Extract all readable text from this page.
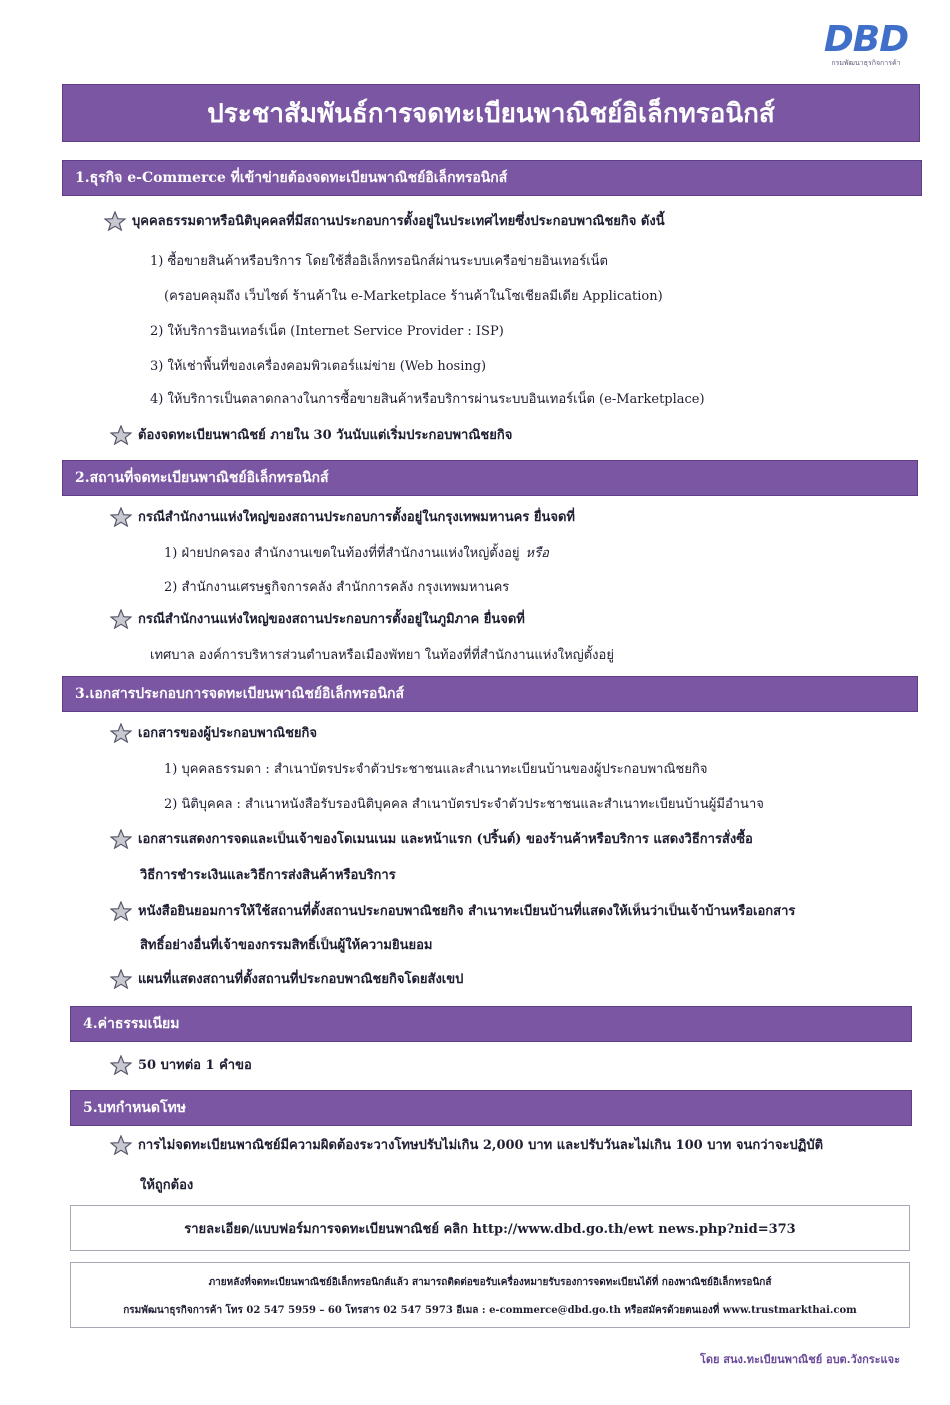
DBD
กรมพัฒนาธุรกิจการค้า
ประชาสัมพันธ์การจดทะเบียนพาณิชย์อิเล็กทรอนิกส์
1.ธุรกิจ e-Commerce ที่เข้าข่ายต้องจดทะเบียนพาณิชย์อิเล็กทรอนิกส์
บุคคลธรรมดาหรือนิติบุคคลที่มีสถานประกอบการตั้งอยู่ในประเทศไทยซึ่งประกอบพาณิชยกิจ ดังนี้
1) ซื้อขายสินค้าหรือบริการ โดยใช้สื่ออิเล็กทรอนิกส์ผ่านระบบเครือข่ายอินเทอร์เน็ต
(ครอบคลุมถึง เว็บไซต์ ร้านค้าใน e-Marketplace ร้านค้าในโซเชียลมีเดีย Application)
2) ให้บริการอินเทอร์เน็ต (Internet Service Provider : ISP)
3) ให้เช่าพื้นที่ของเครื่องคอมพิวเตอร์แม่ข่าย (Web hosing)
4) ให้บริการเป็นตลาดกลางในการซื้อขายสินค้าหรือบริการผ่านระบบอินเทอร์เน็ต (e-Marketplace)
ต้องจดทะเบียนพาณิชย์ ภายใน 30 วันนับแต่เริ่มประกอบพาณิชยกิจ
2.สถานที่จดทะเบียนพาณิชย์อิเล็กทรอนิกส์
กรณีสำนักงานแห่งใหญ่ของสถานประกอบการตั้งอยู่ในกรุงเทพมหานคร ยื่นจดที่
1) ฝ่ายปกครอง สำนักงานเขตในท้องที่ที่สำนักงานแห่งใหญ่ตั้งอยู่ หรือ
2) สำนักงานเศรษฐกิจการคลัง สำนักการคลัง กรุงเทพมหานคร
กรณีสำนักงานแห่งใหญ่ของสถานประกอบการตั้งอยู่ในภูมิภาค ยื่นจดที่
เทศบาล องค์การบริหารส่วนตำบลหรือเมืองพัทยา ในท้องที่ที่สำนักงานแห่งใหญ่ตั้งอยู่
3.เอกสารประกอบการจดทะเบียนพาณิชย์อิเล็กทรอนิกส์
เอกสารของผู้ประกอบพาณิชยกิจ
1) บุคคลธรรมดา : สำเนาบัตรประจำตัวประชาชนและสำเนาทะเบียนบ้านของผู้ประกอบพาณิชยกิจ
2) นิติบุคคล : สำเนาหนังสือรับรองนิติบุคคล สำเนาบัตรประจำตัวประชาชนและสำเนาทะเบียนบ้านผู้มีอำนาจ
เอกสารแสดงการจดและเป็นเจ้าของโดเมนเนม และหน้าแรก (ปริ้นต์) ของร้านค้าหรือบริการ แสดงวิธีการสั่งซื้อ
วิธีการชำระเงินและวิธีการส่งสินค้าหรือบริการ
หนังสือยินยอมการให้ใช้สถานที่ตั้งสถานประกอบพาณิชยกิจ สำเนาทะเบียนบ้านที่แสดงให้เห็นว่าเป็นเจ้าบ้านหรือเอกสาร
สิทธิ์อย่างอื่นที่เจ้าของกรรมสิทธิ์เป็นผู้ให้ความยินยอม
แผนที่แสดงสถานที่ตั้งสถานที่ประกอบพาณิชยกิจโดยสังเขป
4.ค่าธรรมเนียม
50 บาทต่อ 1 คำขอ
5.บทกำหนดโทษ
การไม่จดทะเบียนพาณิชย์มีความผิดต้องระวางโทษปรับไม่เกิน 2,000 บาท และปรับวันละไม่เกิน 100 บาท จนกว่าจะปฏิบัติ
ให้ถูกต้อง
รายละเอียด/แบบฟอร์มการจดทะเบียนพาณิชย์ คลิก http://www.dbd.go.th/ewt news.php?nid=373
ภายหลังที่จดทะเบียนพาณิชย์อิเล็กทรอนิกส์แล้ว สามารถติดต่อขอรับเครื่องหมายรับรองการจดทะเบียนได้ที่ กองพาณิชย์อิเล็กทรอนิกส์
กรมพัฒนาธุรกิจการค้า โทร 02 547 5959 – 60 โทรสาร 02 547 5973 อีเมล : e-commerce@dbd.go.th หรือสมัครด้วยตนเองที่ www.trustmarkthai.com
โดย สนง.ทะเบียนพาณิชย์ อบต.วังกระแจะ
